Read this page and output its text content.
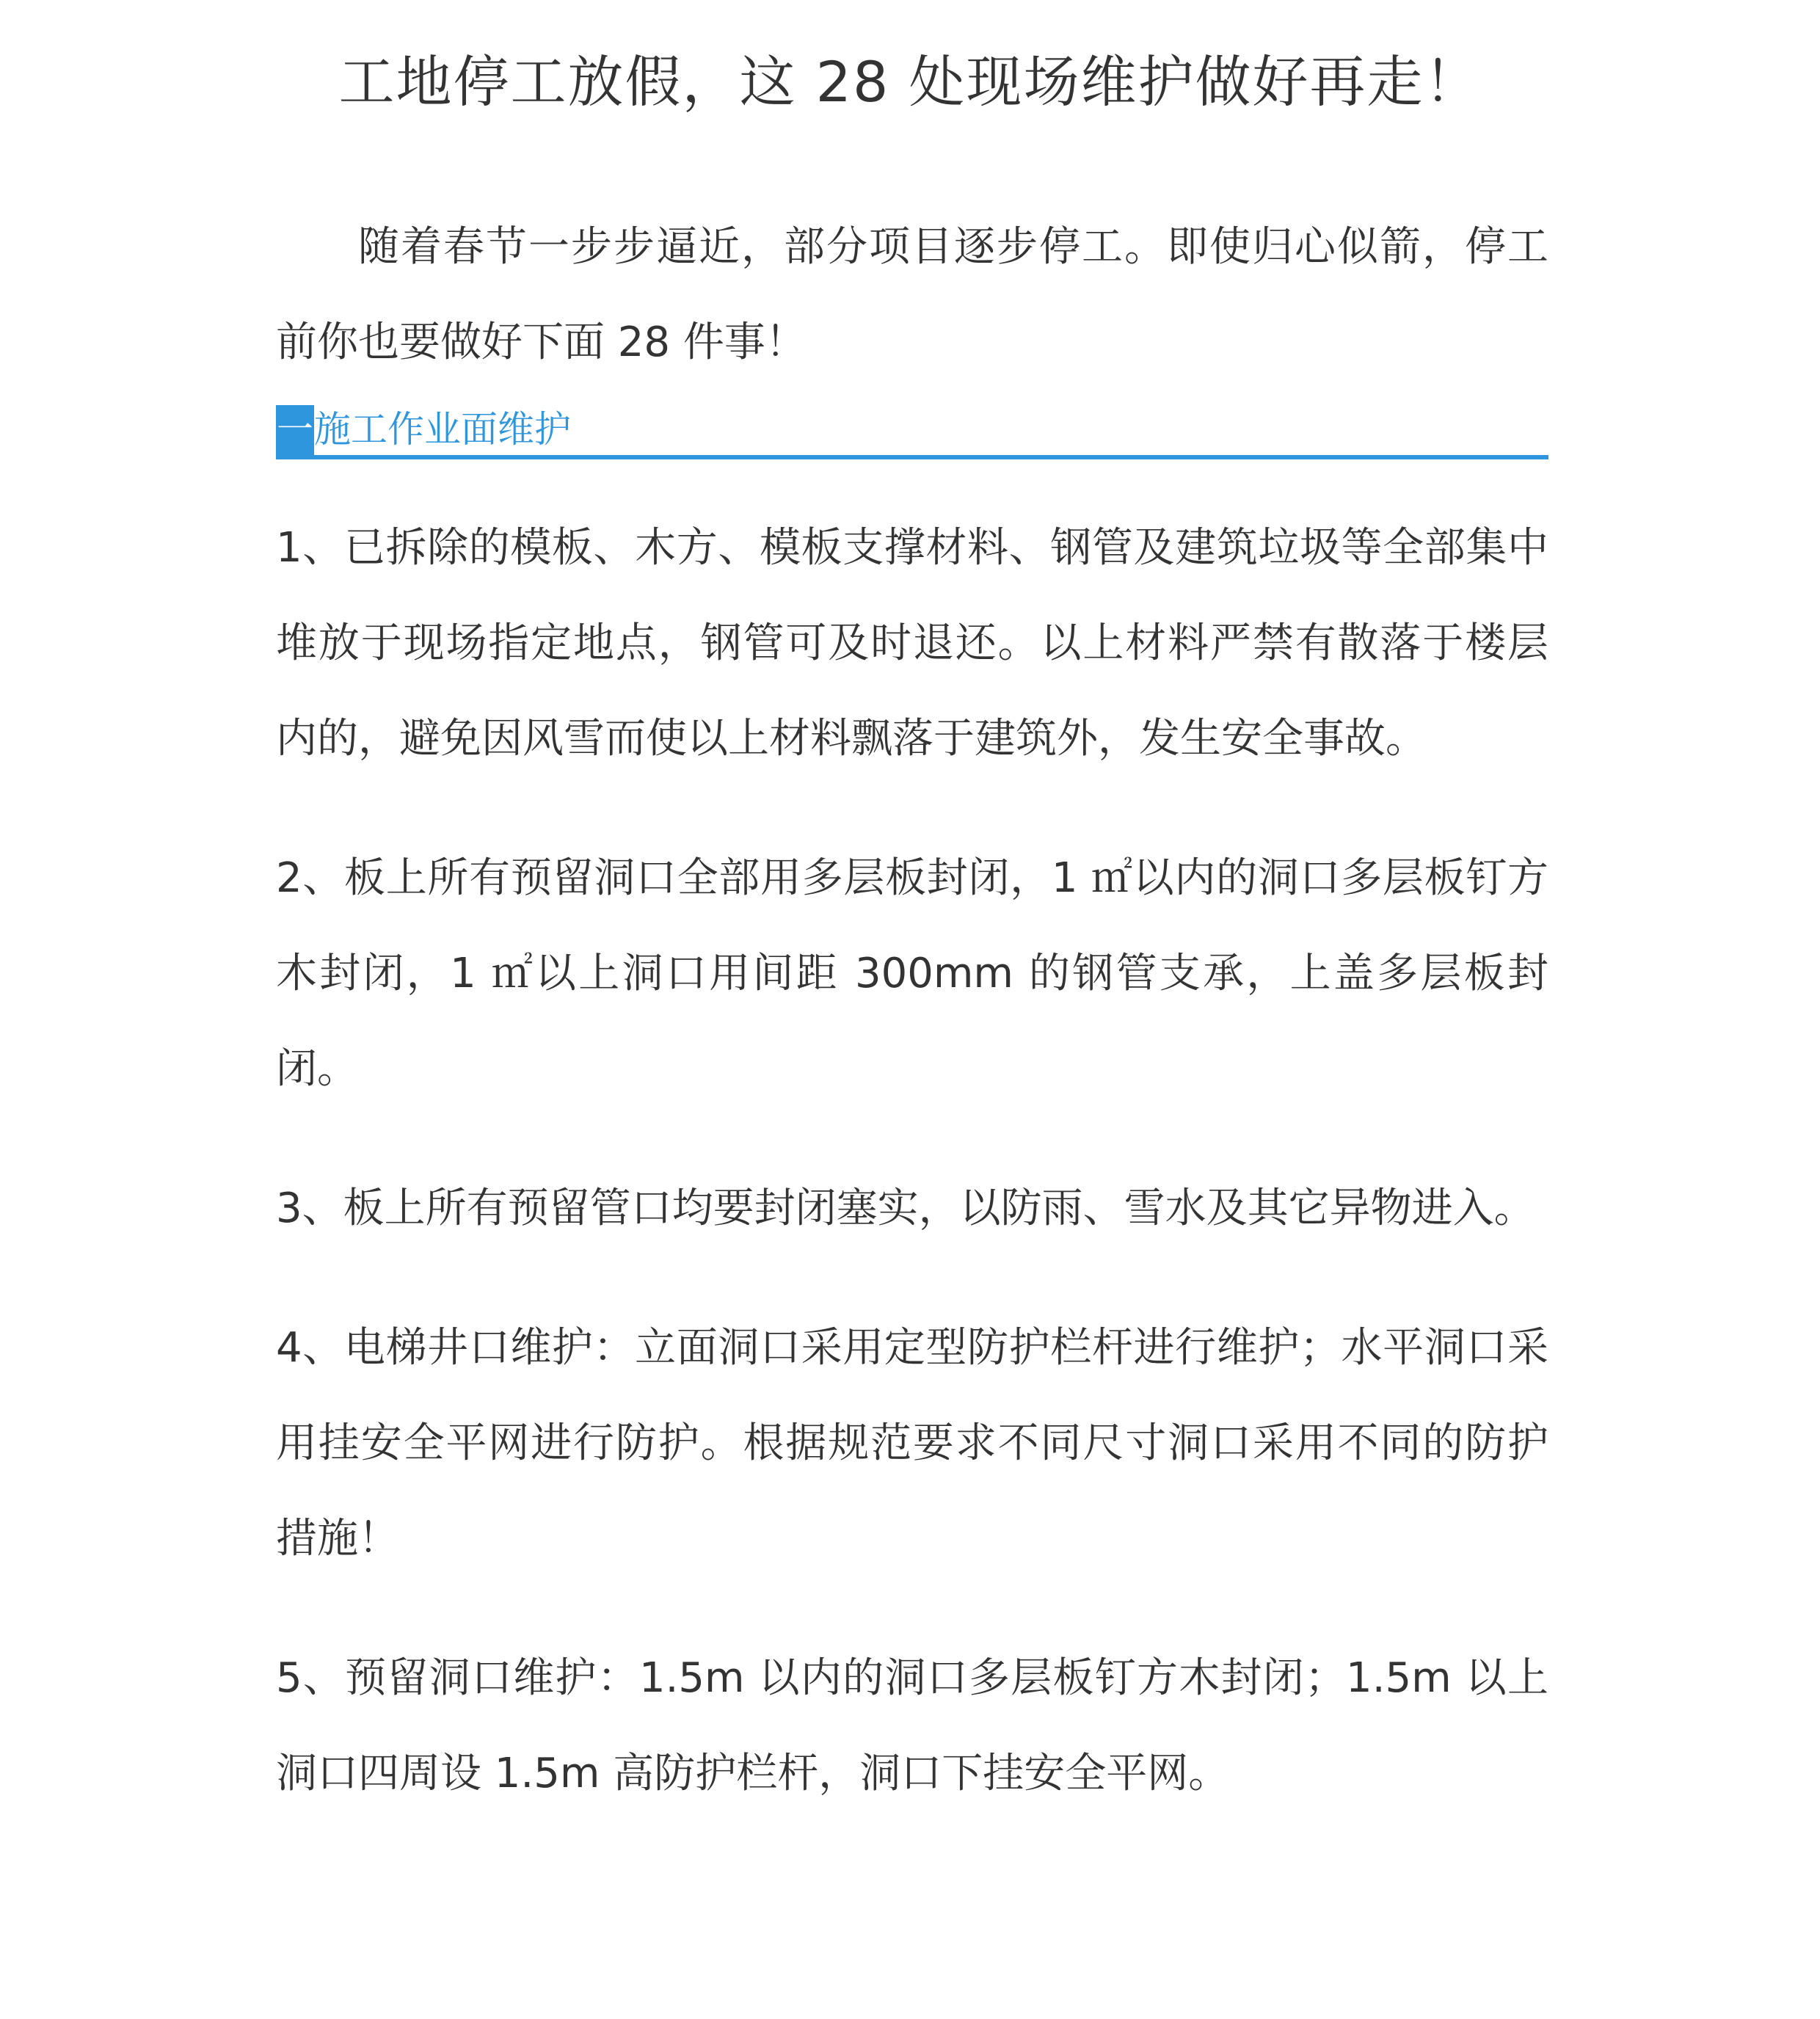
工地停工放假，这 28 处现场维护做好再走！

随着春节一步步逼近，部分项目逐步停工。即使归心似箭，停工前你也要做好下面 28 件事！

一 施工作业面维护

1、已拆除的模板、木方、模板支撑材料、钢管及建筑垃圾等全部集中堆放于现场指定地点，钢管可及时退还。以上材料严禁有散落于楼层内的，避免因风雪而使以上材料飘落于建筑外，发生安全事故。

2、板上所有预留洞口全部用多层板封闭，1 ㎡以内的洞口多层板钉方木封闭，1 ㎡以上洞口用间距 300mm 的钢管支承，上盖多层板封闭。

3、板上所有预留管口均要封闭塞实，以防雨、雪水及其它异物进入。

4、电梯井口维护：立面洞口采用定型防护栏杆进行维护；水平洞口采用挂安全平网进行防护。根据规范要求不同尺寸洞口采用不同的防护措施！

5、预留洞口维护：1.5m 以内的洞口多层板钉方木封闭；1.5m 以上洞口四周设 1.5m 高防护栏杆，洞口下挂安全平网。
